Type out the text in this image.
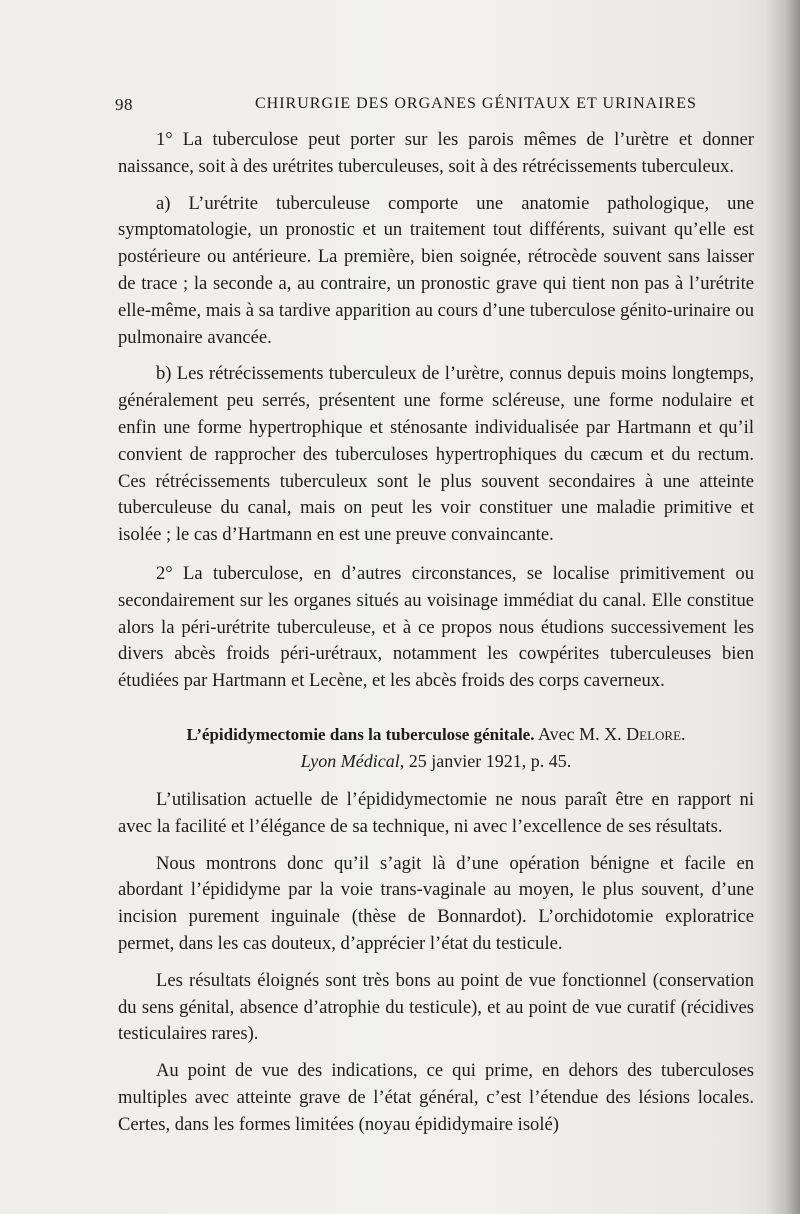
98	CHIRURGIE DES ORGANES GÉNITAUX ET URINAIRES

1° La tuberculose peut porter sur les parois mêmes de l’urètre et donner naissance, soit à des urétrites tuberculeuses, soit à des rétrécissements tuberculeux.

a) L’urétrite tuberculeuse comporte une anatomie pathologique, une symptomatologie, un pronostic et un traitement tout différents, suivant qu’elle est postérieure ou antérieure. La première, bien soignée, rétrocède souvent sans laisser de trace ; la seconde a, au contraire, un pronostic grave qui tient non pas à l’urétrite elle-même, mais à sa tardive apparition au cours d’une tuberculose génito-urinaire ou pulmonaire avancée.

b) Les rétrécissements tuberculeux de l’urètre, connus depuis moins longtemps, généralement peu serrés, présentent une forme scléreuse, une forme nodulaire et enfin une forme hypertrophique et sténosante individualisée par Hartmann et qu’il convient de rapprocher des tuberculoses hypertrophiques du cæcum et du rectum. Ces rétrécissements tuberculeux sont le plus souvent secondaires à une atteinte tuberculeuse du canal, mais on peut les voir constituer une maladie primitive et isolée ; le cas d’Hartmann en est une preuve convaincante.

2° La tuberculose, en d’autres circonstances, se localise primitivement ou secondairement sur les organes situés au voisinage immédiat du canal. Elle constitue alors la péri-urétrite tuberculeuse, et à ce propos nous étudions successivement les divers abcès froids péri-urétraux, notamment les cowpérites tuberculeuses bien étudiées par Hartmann et Lecène, et les abcès froids des corps caverneux.

L’épididymectomie dans la tuberculose génitale. Avec M. X. Delore.
Lyon Médical, 25 janvier 1921, p. 45.

L’utilisation actuelle de l’épididymectomie ne nous paraît être en rapport ni avec la facilité et l’élégance de sa technique, ni avec l’excellence de ses résultats.

Nous montrons donc qu’il s’agit là d’une opération bénigne et facile en abordant l’épididyme par la voie trans-vaginale au moyen, le plus souvent, d’une incision purement inguinale (thèse de Bonnardot). L’orchidotomie exploratrice permet, dans les cas douteux, d’apprécier l’état du testicule.

Les résultats éloignés sont très bons au point de vue fonctionnel (conservation du sens génital, absence d’atrophie du testicule), et au point de vue curatif (récidives testiculaires rares).

Au point de vue des indications, ce qui prime, en dehors des tuberculoses multiples avec atteinte grave de l’état général, c’est l’étendue des lésions locales. Certes, dans les formes limitées (noyau épididymaire isolé)
